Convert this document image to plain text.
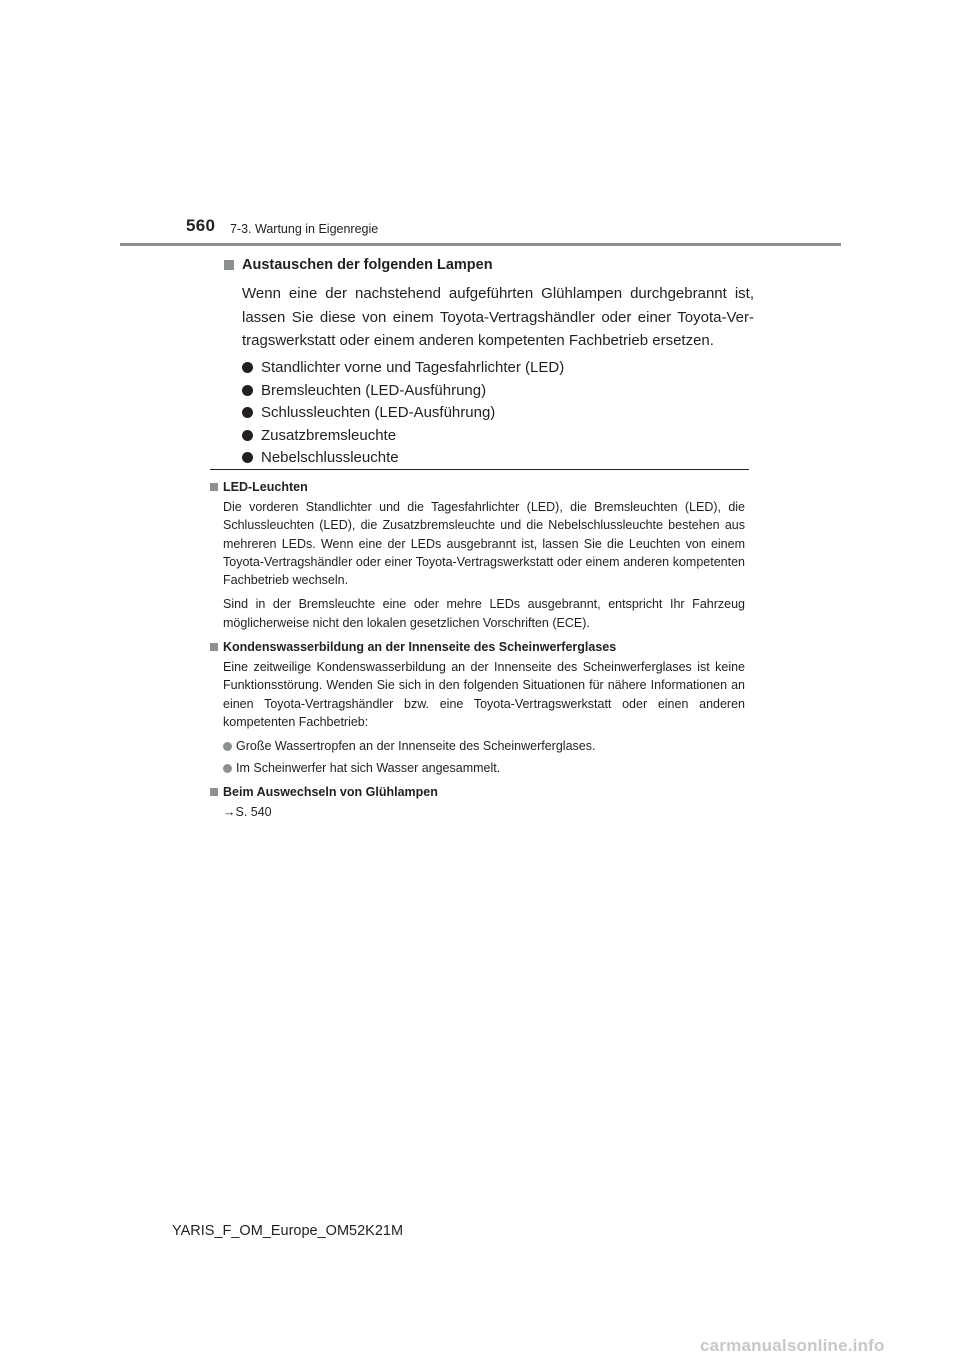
560 7-3. Wartung in Eigenregie
Austauschen der folgenden Lampen

Wenn eine der nachstehend aufgeführten Glühlampen durchgebrannt ist, lassen Sie diese von einem Toyota-Vertragshändler oder einer Toyota-Ver-tragswerkstatt oder einem anderen kompetenten Fachbetrieb ersetzen.

Standlichter vorne und Tagesfahrlichter (LED)
Bremsleuchten (LED-Ausführung)
Schlussleuchten (LED-Ausführung)
Zusatzbremsleuchte
Nebelschlussleuchte
LED-Leuchten

Die vorderen Standlichter und die Tagesfahrlichter (LED), die Bremsleuchten (LED), die Schlussleuchten (LED), die Zusatzbremsleuchte und die Nebelschlussleuchte bestehen aus mehreren LEDs. Wenn eine der LEDs ausgebrannt ist, lassen Sie die Leuchten von einem Toyota-Vertragshändler oder einer Toyota-Vertragswerkstatt oder einem anderen kompetenten Fachbetrieb wechseln.

Sind in der Bremsleuchte eine oder mehre LEDs ausgebrannt, entspricht Ihr Fahrzeug möglicherweise nicht den lokalen gesetzlichen Vorschriften (ECE).

Kondenswasserbildung an der Innenseite des Scheinwerferglases

Eine zeitweilige Kondenswasserbildung an der Innenseite des Scheinwerferglases ist keine Funktionsstörung. Wenden Sie sich in den folgenden Situationen für nähere Informationen an einen Toyota-Vertragshändler bzw. eine Toyota-Vertragswerkstatt oder einen anderen kompetenten Fachbetrieb:

Große Wassertropfen an der Innenseite des Scheinwerferglases.
Im Scheinwerfer hat sich Wasser angesammelt.
Beim Auswechseln von Glühlampen

→S. 540

YARIS_F_OM_Europe_OM52K21M
carmanualsonline.info
